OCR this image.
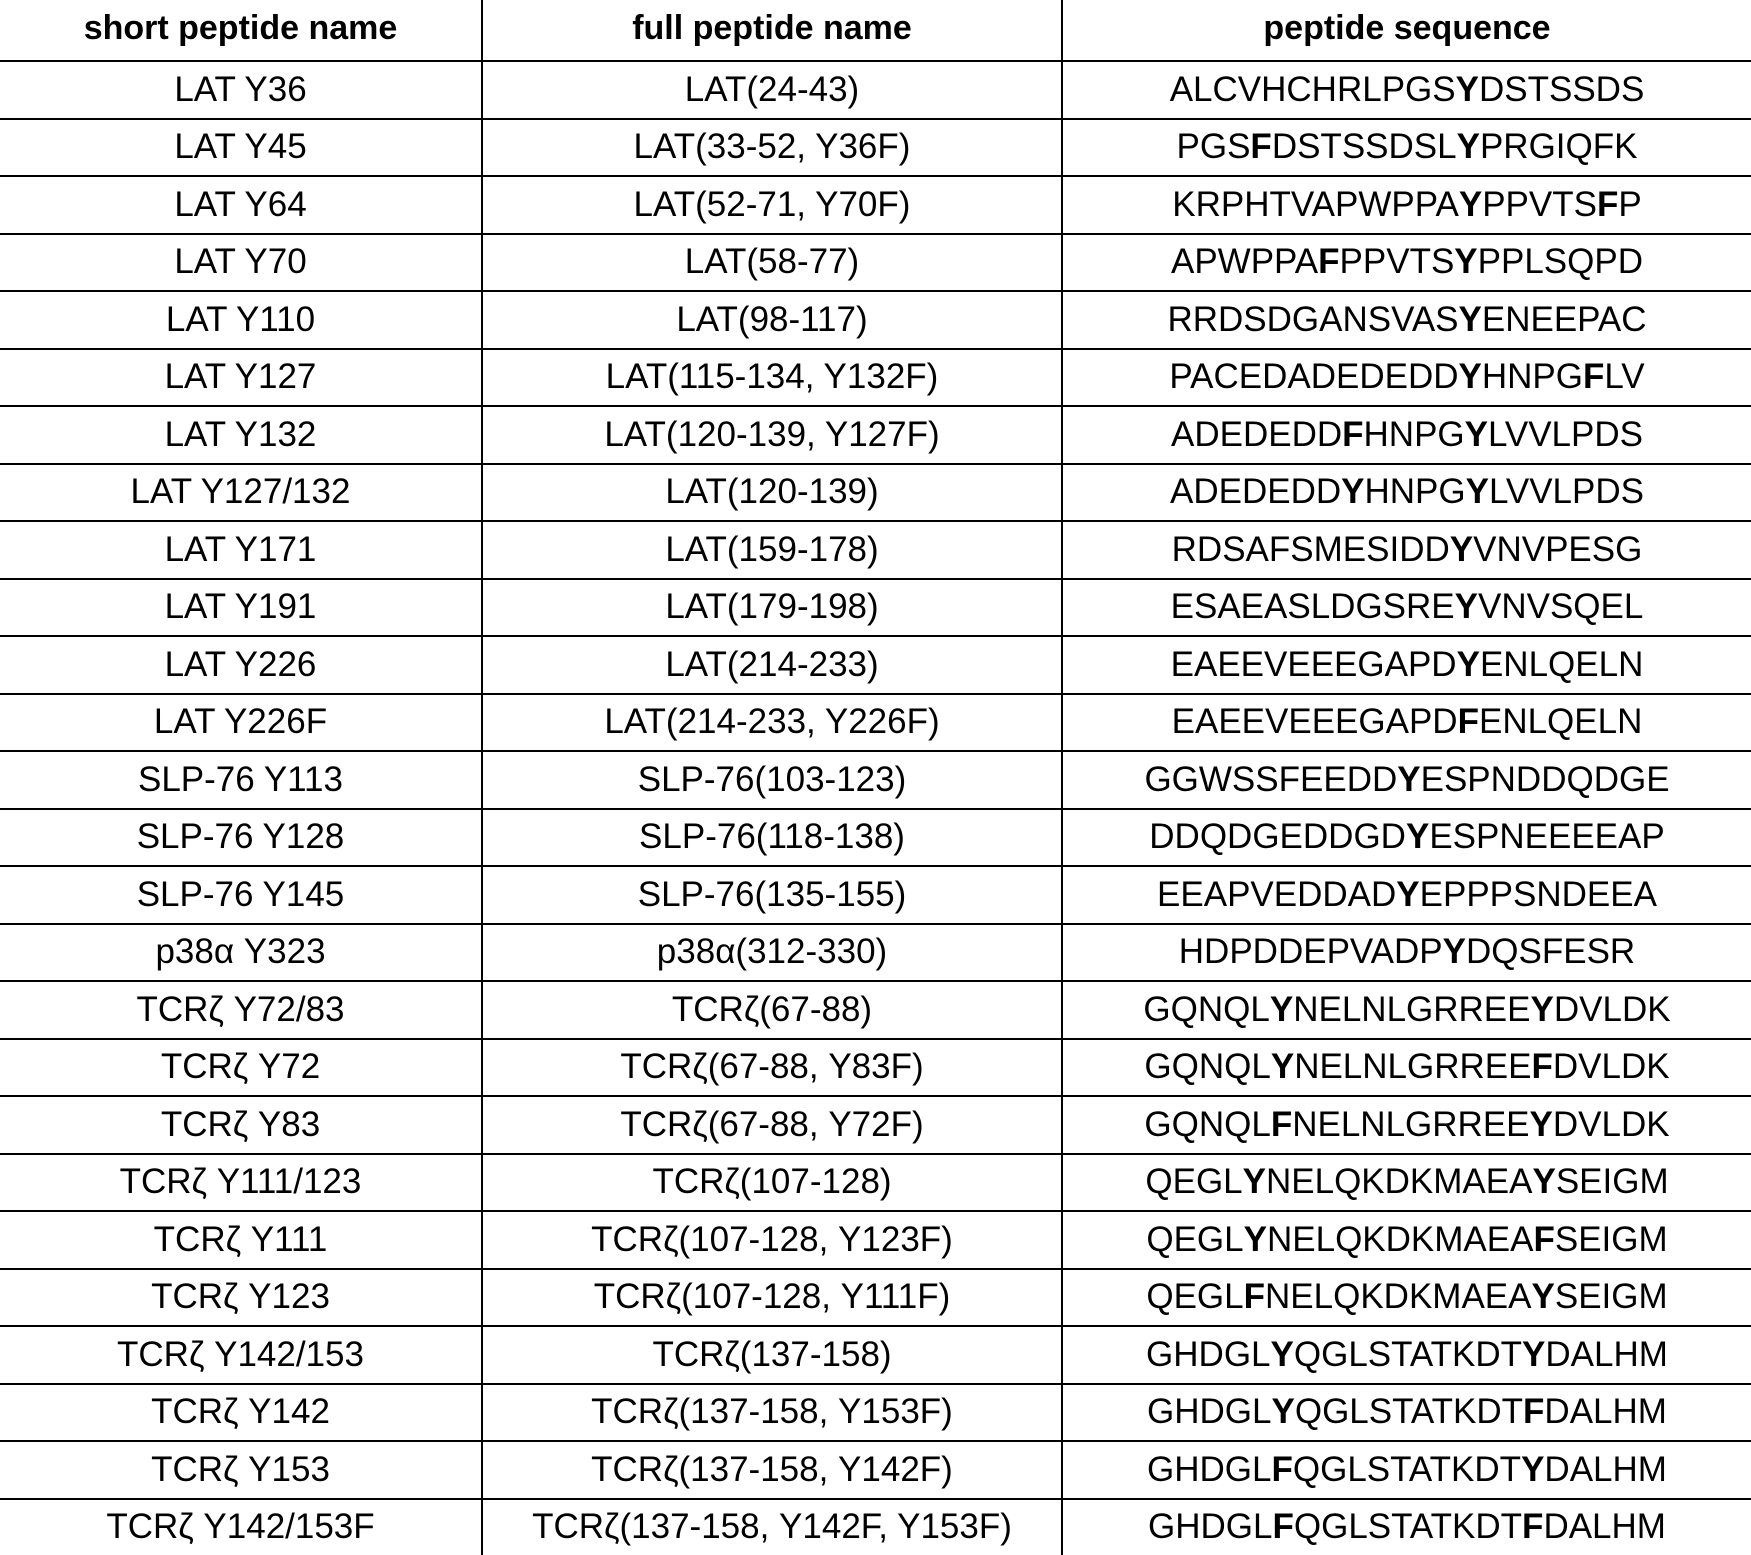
short peptide name	full peptide name	peptide sequence
LAT Y36	LAT(24-43)	ALCVHCHRLPGSYDSTSSDS
LAT Y45	LAT(33-52, Y36F)	PGSFDSTSSDSLYPRGIQFK
LAT Y64	LAT(52-71, Y70F)	KRPHTVAPWPPAYPPVTSFP
LAT Y70	LAT(58-77)	APWPPAFPPVTSYPPLSQPD
LAT Y110	LAT(98-117)	RRDSDGANSVASYENEEPAC
LAT Y127	LAT(115-134, Y132F)	PACEDADEDEDDYHNPGFLV
LAT Y132	LAT(120-139, Y127F)	ADEDEDDFHNPGYLVVLPDS
LAT Y127/132	LAT(120-139)	ADEDEDDYHNPGYLVVLPDS
LAT Y171	LAT(159-178)	RDSAFSMESIDDYVNVPESG
LAT Y191	LAT(179-198)	ESAEASLDGSREYVNVSQEL
LAT Y226	LAT(214-233)	EAEEVEEEGAPDYENLQELN
LAT Y226F	LAT(214-233, Y226F)	EAEEVEEEGAPDFENLQELN
SLP-76 Y113	SLP-76(103-123)	GGWSSFEEDDYESPNDDQDGE
SLP-76 Y128	SLP-76(118-138)	DDQDGEDDGDYESPNEEEEAP
SLP-76 Y145	SLP-76(135-155)	EEAPVEDDADYEPPPSNDEEA
p38α Y323	p38α(312-330)	HDPDDEPVADPYDQSFESR
TCRζ Y72/83	TCRζ(67-88)	GQNQLYNELNLGRREEYDVLDK
TCRζ Y72	TCRζ(67-88, Y83F)	GQNQLYNELNLGRREEFDVLDK
TCRζ Y83	TCRζ(67-88, Y72F)	GQNQLFNELNLGRREEYDVLDK
TCRζ Y111/123	TCRζ(107-128)	QEGLYNELQKDKMAEAYSEIGM
TCRζ Y111	TCRζ(107-128, Y123F)	QEGLYNELQKDKMAEAFSEIGM
TCRζ Y123	TCRζ(107-128, Y111F)	QEGLFNELQKDKMAEAYSEIGM
TCRζ Y142/153	TCRζ(137-158)	GHDGLYQGLSTATKDTYDALHM
TCRζ Y142	TCRζ(137-158, Y153F)	GHDGLYQGLSTATKDTFDALHM
TCRζ Y153	TCRζ(137-158, Y142F)	GHDGLFQGLSTATKDTYDALHM
TCRζ Y142/153F	TCRζ(137-158, Y142F, Y153F)	GHDGLFQGLSTATKDTFDALHM
